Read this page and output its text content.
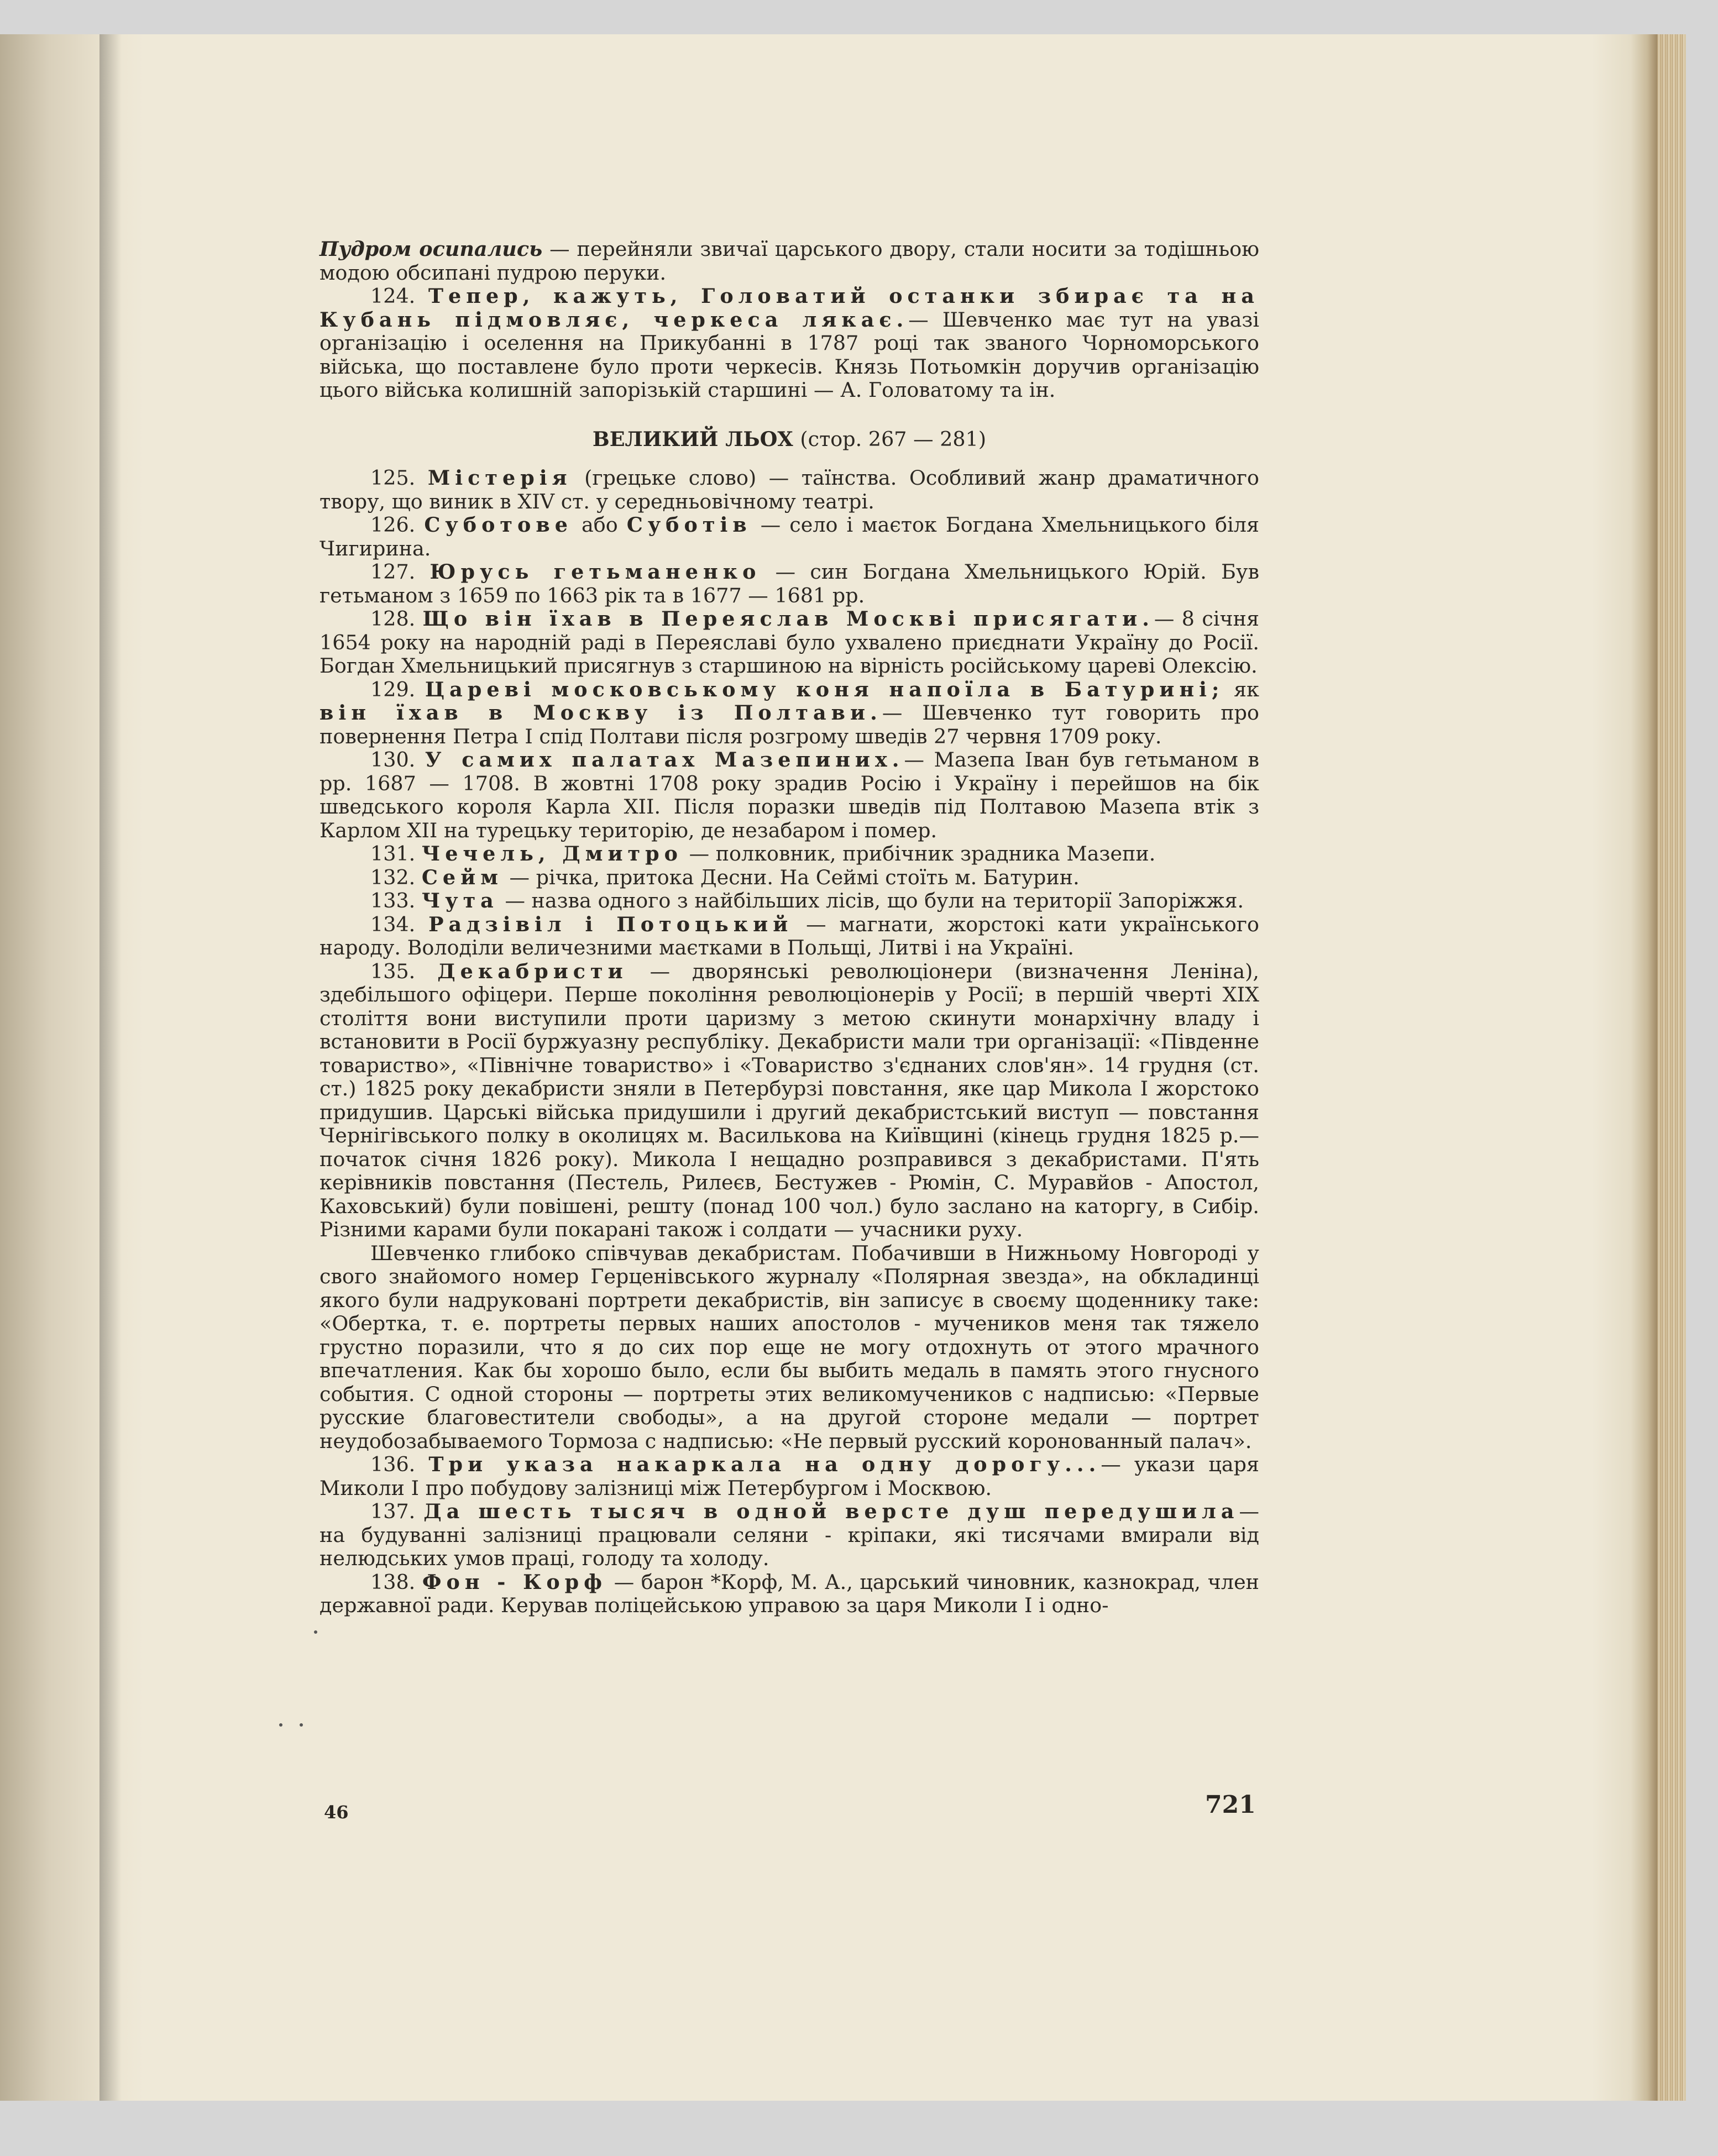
Пудром осипались — перейняли звичаї царського двору, стали носити за тодішньою модою обсипані пудрою перуки.

124. Тепер, кажуть, Головатий останки збирає та на Кубань підмовляє, черкеса лякає.— Шевченко має тут на увазі організацію і оселення на Прикубанні в 1787 році так званого Чорноморського війська, що поставлене було проти черкесів. Князь Потьомкін доручив організацію цього війська колишній запорізькій старшині — А. Головатому та ін.

ВЕЛИКИЙ ЛЬОХ (стор. 267 — 281)

125. Містерія (грецьке слово) — таїнства. Особливий жанр драматичного твору, що виник в XIV ст. у середньовічному театрі.

126. Суботове або Суботів — село і маєток Богдана Хмельницького біля Чигирина.

127. Юрусь гетьманенко — син Богдана Хмельницького Юрій. Був гетьманом з 1659 по 1663 рік та в 1677 — 1681 рр.

128. Що він їхав в Переяслав Москві присягати.— 8 січня 1654 року на народній раді в Переяславі було ухвалено приєднати Україну до Росії. Богдан Хмельницький присягнув з старшиною на вірність російському цареві Олексію.

129. Цареві московському коня напоїла в Батурині; як він їхав в Москву із Полтави.— Шевченко тут говорить про повернення Петра I спід Полтави після розгрому шведів 27 червня 1709 року.

130. У самих палатах Мазепиних.— Мазепа Іван був гетьманом в рр. 1687 — 1708. В жовтні 1708 року зрадив Росію і Україну і перейшов на бік шведського короля Карла XII. Після поразки шведів під Полтавою Мазепа втік з Карлом XII на турецьку територію, де незабаром і помер.

131. Чечель, Дмитро — полковник, прибічник зрадника Мазепи.

132. Сейм — річка, притока Десни. На Сеймі стоїть м. Батурин.

133. Чута — назва одного з найбільших лісів, що були на території Запоріжжя.

134. Радзівіл і Потоцький — магнати, жорстокі кати українського народу. Володіли величезними маєтками в Польщі, Литві і на Україні.

135. Декабристи — дворянські революціонери (визначення Леніна), здебільшого офіцери. Перше покоління революціонерів у Росії; в першій чверті XIX століття вони виступили проти царизму з метою скинути монархічну владу і встановити в Росії буржуазну республіку. Декабристи мали три організації: «Південне товариство», «Північне товариство» і «Товариство з'єднаних слов'ян». 14 грудня (ст. ст.) 1825 року декабристи зняли в Петербурзі повстання, яке цар Микола I жорстоко придушив. Царські війська придушили і другий декабристський виступ — повстання Чернігівського полку в околицях м. Василькова на Київщині (кінець грудня 1825 р.— початок січня 1826 року). Микола I нещадно розправився з декабристами. П'ять керівників повстання (Пестель, Рилеєв, Бестужев - Рюмін, С. Муравйов - Апостол, Каховський) були повішені, решту (понад 100 чол.) було заслано на каторгу, в Сибір. Різними карами були покарані також і солдати — учасники руху.

Шевченко глибоко співчував декабристам. Побачивши в Нижньому Новгороді у свого знайомого номер Герценівського журналу «Полярная звезда», на обкладинці якого були надруковані портрети декабристів, він записує в своєму щоденнику таке: «Обертка, т. е. портреты первых наших апостолов - мучеников меня так тяжело грустно поразили, что я до сих пор еще не могу отдохнуть от этого мрачного впечатления. Как бы хорошо было, если бы выбить медаль в память этого гнусного события. С одной стороны — портреты этих великомучеников с надписью: «Первые русские благовестители свободы», а на другой стороне медали — портрет неудобозабываемого Тормоза с надписью: «Не первый русский коронованный палач».

136. Три указа накаркала на одну дорогу...— укази царя Миколи I про побудову залізниці між Петербургом і Москвою.

137. Да шесть тысяч в одной версте душ передушила— на будуванні залізниці працювали селяни - кріпаки, які тисячами вмирали від нелюдських умов праці, голоду та холоду.

138. Фон - Корф — барон *Корф, М. А., царський чиновник, казнокрад, член державної ради. Керував поліцейською управою за царя Миколи I і одно-

46	721
